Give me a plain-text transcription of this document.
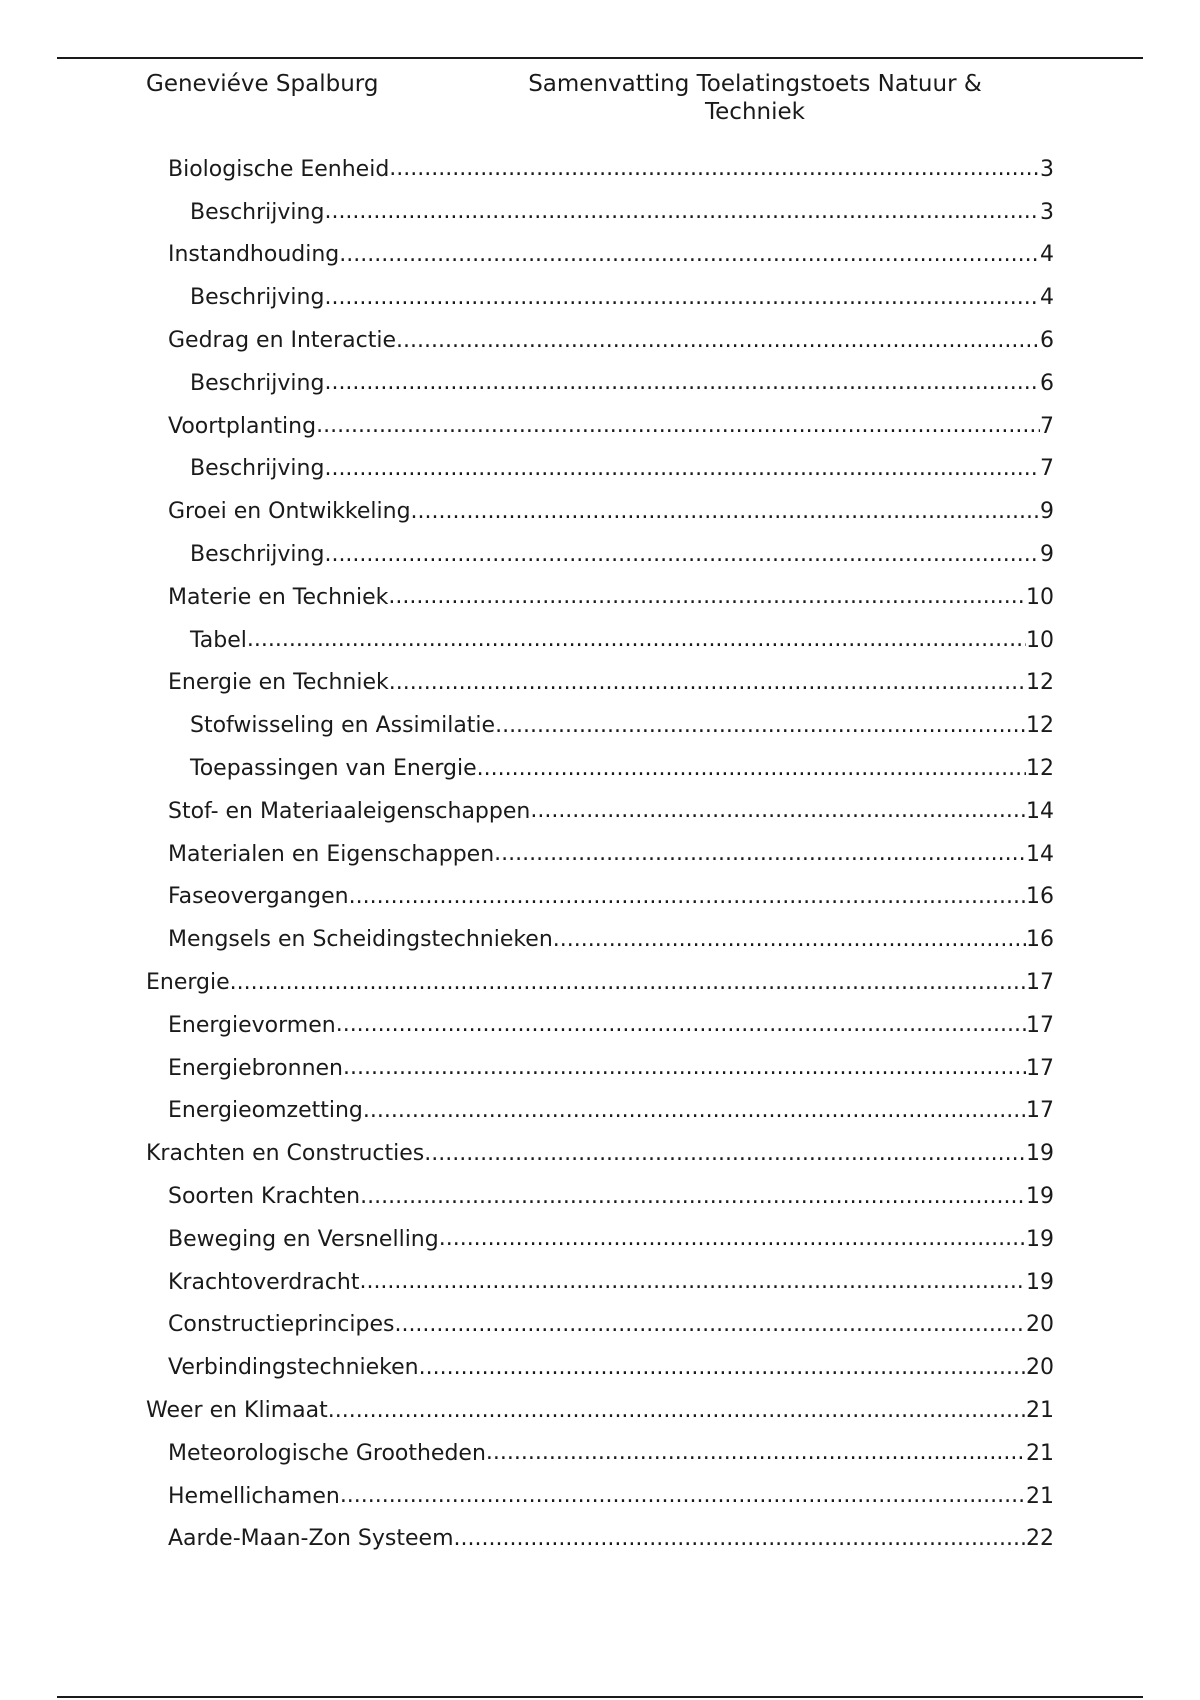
Geneviéve Spalburg	Samenvatting Toelatingstoets Natuur & Techniek
Biologische Eenheid .....	3
Beschrijving .....	3
Instandhouding .....	4
Beschrijving .....	4
Gedrag en Interactie .....	6
Beschrijving .....	6
Voortplanting .....	7
Beschrijving .....	7
Groei en Ontwikkeling .....	9
Beschrijving .....	9
Materie en Techniek .....	10
Tabel .....	10
Energie en Techniek .....	12
Stofwisseling en Assimilatie .....	12
Toepassingen van Energie .....	12
Stof- en Materiaaleigenschappen .....	14
Materialen en Eigenschappen .....	14
Faseovergangen .....	16
Mengsels en Scheidingstechnieken .....	16
Energie .....	17
Energievormen .....	17
Energiebronnen .....	17
Energieomzetting .....	17
Krachten en Constructies .....	19
Soorten Krachten .....	19
Beweging en Versnelling .....	19
Krachtoverdracht .....	19
Constructieprincipes .....	20
Verbindingstechnieken .....	20
Weer en Klimaat .....	21
Meteorologische Grootheden .....	21
Hemellichamen .....	21
Aarde-Maan-Zon Systeem .....	22
